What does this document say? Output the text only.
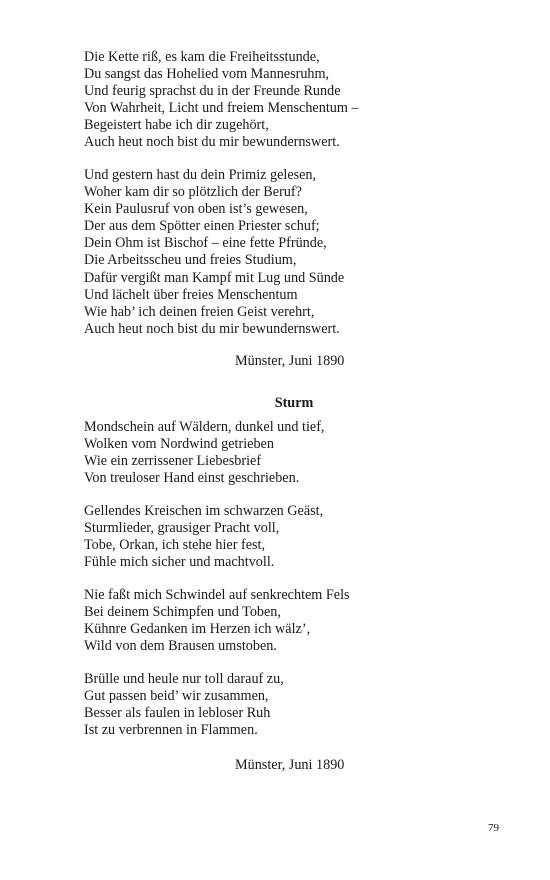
Die Kette riß, es kam die Freiheitsstunde,
Du sangst das Hohelied vom Mannesruhm,
Und feurig sprachst du in der Freunde Runde
Von Wahrheit, Licht und freiem Menschentum –
Begeistert habe ich dir zugehört,
Auch heut noch bist du mir bewundernswert.
Und gestern hast du dein Primiz gelesen,
Woher kam dir so plötzlich der Beruf?
Kein Paulusruf von oben ist’s gewesen,
Der aus dem Spötter einen Priester schuf;
Dein Ohm ist Bischof – eine fette Pfründe,
Die Arbeitsscheu und freies Studium,
Dafür vergißt man Kampf mit Lug und Sünde
Und lächelt über freies Menschentum
Wie hab’ ich deinen freien Geist verehrt,
Auch heut noch bist du mir bewundernswert.
Münster, Juni 1890
Sturm
Mondschein auf Wäldern, dunkel und tief,
Wolken vom Nordwind getrieben
Wie ein zerrissener Liebesbrief
Von treuloser Hand einst geschrieben.
Gellendes Kreischen im schwarzen Geäst,
Sturmlieder, grausiger Pracht voll,
Tobe, Orkan, ich stehe hier fest,
Fühle mich sicher und machtvoll.
Nie faßt mich Schwindel auf senkrechtem Fels
Bei deinem Schimpfen und Toben,
Kühnre Gedanken im Herzen ich wälz’,
Wild von dem Brausen umstoben.
Brülle und heule nur toll darauf zu,
Gut passen beid’ wir zusammen,
Besser als faulen in lebloser Ruh
Ist zu verbrennen in Flammen.
Münster, Juni 1890
79
